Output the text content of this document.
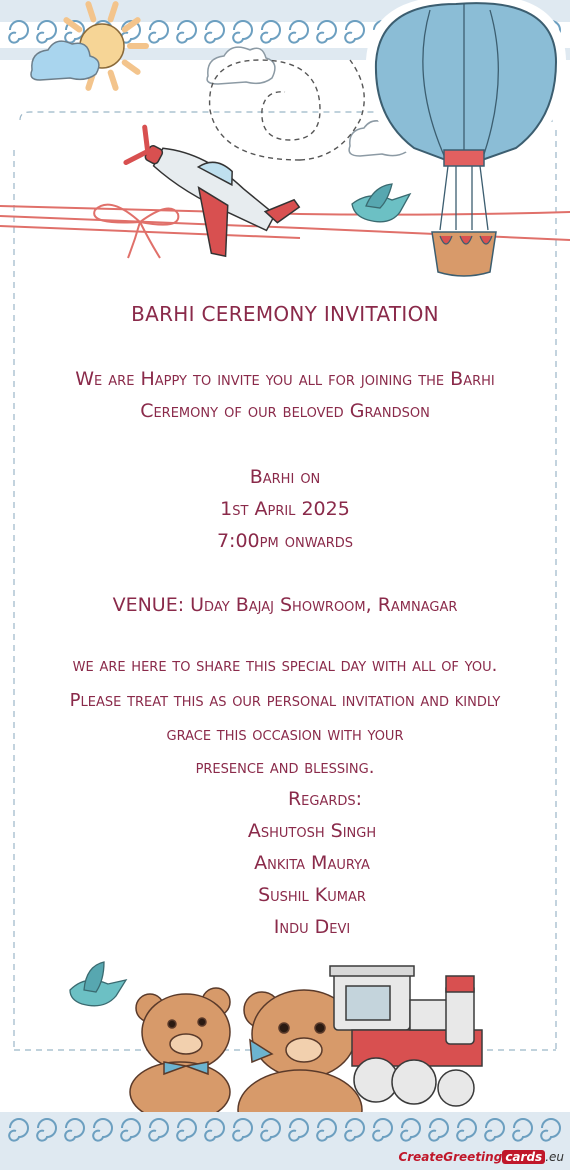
BARHI CEREMONY INVITATION
We are Happy to invite you all for joining the Barhi
Ceremony of our beloved Grandson
Barhi on
1st April 2025
7:00pm onwards
VENUE: Uday Bajaj Showroom, Ramnagar
we are here to share this special day with all of you.
Please treat this as our personal invitation and kindly
grace this occasion with your
presence and blessing.
Regards:
Ashutosh Singh
Ankita Maurya
Sushil Kumar
Indu Devi
CreateGreeting cards .eu
